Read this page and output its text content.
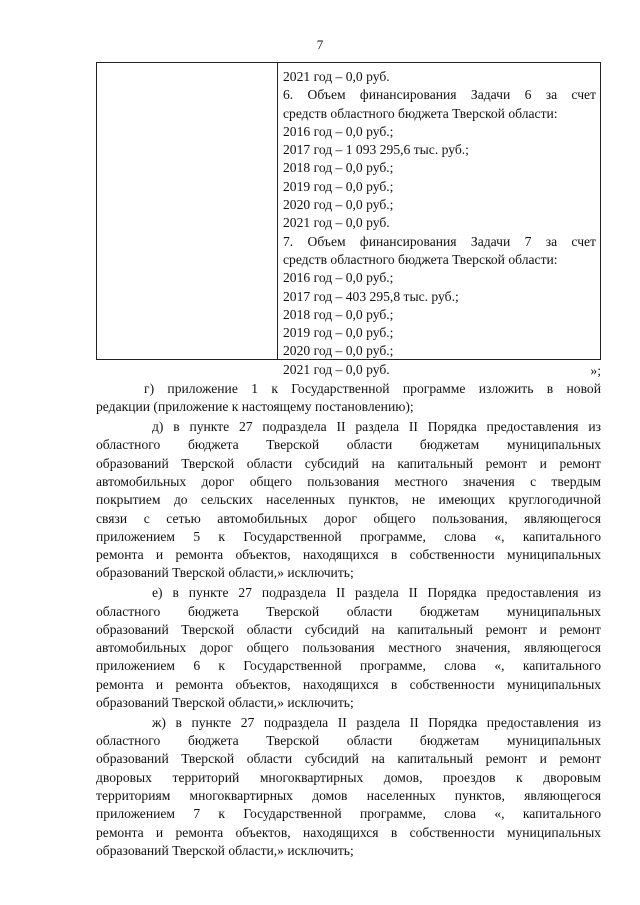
7
2021 год – 0,0 руб.
6. Объем финансирования Задачи 6 за счет
средств областного бюджета Тверской области:
2016 год – 0,0 руб.;
2017 год – 1 093 295,6 тыс. руб.;
2018 год – 0,0 руб.;
2019 год – 0,0 руб.;
2020 год – 0,0 руб.;
2021 год – 0,0 руб.
7. Объем финансирования Задачи 7 за счет
средств областного бюджета Тверской области:
2016 год – 0,0 руб.;
2017 год – 403 295,8 тыс. руб.;
2018 год – 0,0 руб.;
2019 год – 0,0 руб.;
2020 год – 0,0 руб.;
2021 год – 0,0 руб.	»;
г) приложение 1 к Государственной программе изложить в новой
редакции (приложение к настоящему постановлению);
д) в пункте 27 подраздела II раздела II Порядка предоставления из
областного бюджета Тверской области бюджетам муниципальных
образований Тверской области субсидий на капитальный ремонт и ремонт
автомобильных дорог общего пользования местного значения с твердым
покрытием до сельских населенных пунктов, не имеющих круглогодичной
связи с сетью автомобильных дорог общего пользования, являющегося
приложением 5 к Государственной программе, слова «, капитального
ремонта и ремонта объектов, находящихся в собственности муниципальных
образований Тверской области,» исключить;
е) в пункте 27 подраздела II раздела II Порядка предоставления из
областного бюджета Тверской области бюджетам муниципальных
образований Тверской области субсидий на капитальный ремонт и ремонт
автомобильных дорог общего пользования местного значения, являющегося
приложением 6 к Государственной программе, слова «, капитального
ремонта и ремонта объектов, находящихся в собственности муниципальных
образований Тверской области,» исключить;
ж) в пункте 27 подраздела II раздела II Порядка предоставления из
областного бюджета Тверской области бюджетам муниципальных
образований Тверской области субсидий на капитальный ремонт и ремонт
дворовых территорий многоквартирных домов, проездов к дворовым
территориям многоквартирных домов населенных пунктов, являющегося
приложением 7 к Государственной программе, слова «, капитального
ремонта и ремонта объектов, находящихся в собственности муниципальных
образований Тверской области,» исключить;
